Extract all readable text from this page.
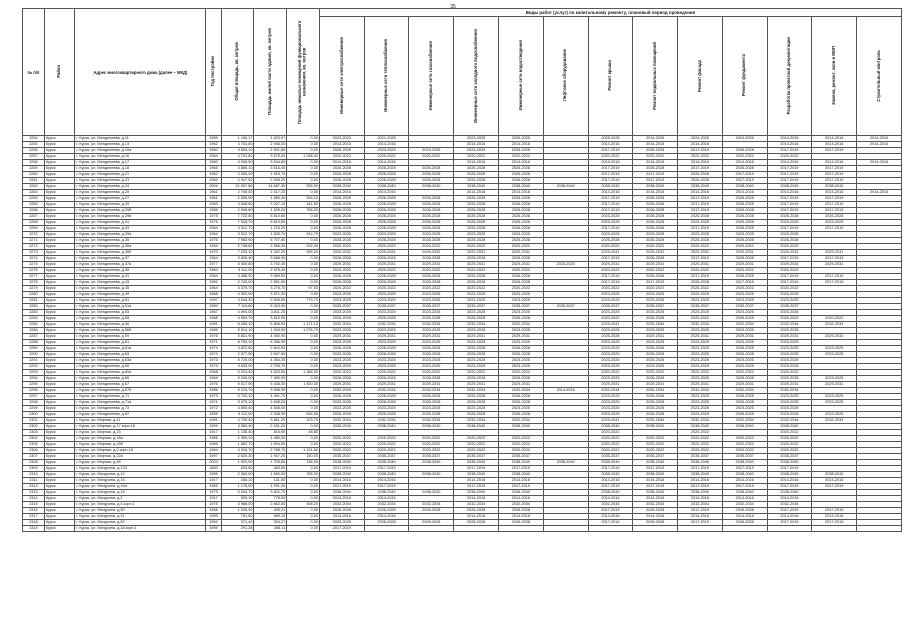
35
№ п/п	Район	Адрес многоквартирного дома (далее – МКД)	Год постройки	Общая площадь, кв. метров	Площадь жилой части здания, кв. метров	Площадь нежилых помещений функционального назначения, кв. метров	Виды работ (услуг) по капитальному ремонту, плановый период проведения												
							Инженерные сети электроснабжения	Инженерные сети теплоснабжения	Инженерные сети газоснабжения	Инженерные сети холодного водоснабжения	Инженерные сети водоотведения	Лифтовое оборудование	Ремонт крыши	Ремонт подвальных помещений	Ремонт фасада	Ремонт фундамента	Разработка проектной документации	Замена, ремонт, окон в МОП	Строительный контроль
2254	Курск	г. Курск, ул. Менделеева, д.11	1959	1 196,17	1 023,97	0,00	2022-2023	2021-2025		2023-2025	2025-2025		2028-2028	2014-2026	2024-2025	2024-2026	2014-2016	2014-2016	2014-2016
2255	Курск	г. Курск, ул. Менделеева, д.13	1962	3 703,80	2 946,00	0,00	2014-2016	2014-2016		2014-2016	2014-2016		2014-2016	2014-2016	2014-2016		2014-2016	2014-2016	2014-2016
2256	Курск	г. Курск, ул. Менделеева, д.15а	1960	3 054,10	2 921,80	0,00	2026-2028	2023-2025	2023-2025	2023-2025	2026-2028		2017-2019	2026-2028	2017-2019	2026-2028	2017-2019	2017-2019	
2257	Курск	г. Курск, ул. Менделеева, д.16	1964	4 741,80	3 575,40	1 038,40	2020-2022	2020-2022	2020-2022	2020-2022	2020-2022		2020-2022	2020-2022	2020-2022	2020-2022	2020-2022		
2258	Курск	г. Курск, ул. Менделеева, д.17	1960	4 930,50	3 544,80	0,00	2014-2016	2014-2016		2014-2016	2014-2016		2014-2016	2014-2016	2014-2016	2014-2016	2014-2016	2014-2016	2014-2016
2259	Курск	г. Курск, ул. Менделеева, д.18	1965	4 865,10	3 516,40	0,00	2026-2028	2026-2028	2026-2028	2026-2028	2026-2028		2017-2019	2026-2028	2017-2019	2026-2028	2017-2019	2017-2019	
2260	Курск	г. Курск, ул. Менделеева, д.21	1962	2 535,20	1 915,70	0,00	2026-2028	2026-2028	2026-2028	2026-2028	2026-2028		2017-2019	2017-2019	2026-2028	2017-2019	2017-2019	2017-2019	
2261	Курск	г. Курск, ул. Менделеева, д.23	1962	2 947,50	2 538,20	0,00	2026-2028	2026-2028	2026-2028	2026-2028	2026-2028		2017-2019	2017-2019	2026-2028	2017-2019	2017-2019	2017-2019	
2262	Курск	г. Курск, ул. Менделеева, д.24	2004	21 557,60	14 687,30	335,90	2038-2040	2038-2040	2038-2040	2038-2040	2038-2040	2038-2040	2038-2040	2038-2040	2038-2040	2038-2040	2038-2040	2038-2040	
2263	Курск	г. Курск, ул. Менделеева, д.25	1961	2 708,40	2 317,20	0,00	2014-2016	2014-2016		2014-2016	2014-2016		2014-2016	2014-2016	2014-2016	2014-2016	2014-2016	2014-2016	2014-2016
2264	Курск	г. Курск, ул. Менделеева, д.27	1961	2 836,90	1 580,40	316,10	2026-2028	2026-2028	2026-2028	2026-2028	2026-2028		2017-2019	2026-2028	2017-2019	2026-2028	2017-2019	2017-2019	
2265	Курск	г. Курск, ул. Менделеева, д.29	1963	3 548,60	3 207,10	341,50	2026-2028	2026-2028	2026-2028	2026-2028	2026-2028		2017-2019	2026-2028	2017-2019	2026-2028	2017-2019	2017-2019	
2266	Курск	г. Курск, ул. Менделеева, д.29б	1985	2 946,80	1 528,20	756,20	2026-2028	2026-2028	2026-2028	2026-2028	2026-2028		2017-2019	2026-2028	2017-2019	2026-2028	2017-2019	2017-2019	
2267	Курск	г. Курск, ул. Менделеева, д.29в	1975	7 722,80	5 810,80	0,00	2026-2028	2026-2028	2026-2028	2026-2028	2026-2028		2023-2025	2026-2028	2026-2028	2026-2028	2026-2028	2026-2028	
2268	Курск	г. Курск, ул. Менделеева, д.31	1975	7 518,70	5 810,80	0,00	2026-2028	2026-2028	2026-2028	2026-2028	2026-2028		2023-2025	2026-2028	2023-2025	2026-2028	2023-2025	2023-2025	
2269	Курск	г. Курск, ул. Менделеева, д.33	1964	3 312,70	1 276,20	0,00	2026-2028	2026-2028	2026-2028	2026-2028	2026-2028		2017-2019	2026-2028	2017-2019	2026-2028	2017-2019	2017-2019	
2270	Курск	г. Курск, ул. Менделеева, д.33а	1964	3 312,70	1 535,70	912,70	2023-2025	2023-2025	2023-2025	2023-2025	2023-2025		2023-2025	2023-2025	2023-2025	2023-2025	2023-2025		
2271	Курск	г. Курск, ул. Менделеева, д.35	1975	7 983,90	5 707,80	0,00	2026-2028	2026-2028	2026-2028	2026-2028	2026-2028		2026-2028	2026-2028	2026-2028	2026-2028	2026-2028		
2272	Курск	г. Курск, ул. Менделеева, д.35а	1964	2 748,60	2 556,30	192,30	2020-2022	2020-2022	2020-2022	2020-2022	2020-2022		2020-2022	2020-2022	2020-2022	2020-2022	2020-2022		
2273	Курск	г. Курск, ул. Менделеева, д.35б	1970	7 033,10	4 342,20	395,20	2029-2031	2029-2031	2029-2031	2029-2031	2029-2031		2029-2031	2029-2031	2029-2031	2029-2031	2029-2031	2029-2031	
2274	Курск	г. Курск, ул. Менделеева, д.37	1964	3 826,40	3 588,90	0,00	2026-2028	2026-2028	2026-2028	2026-2028	2026-2028		2017-2019	2026-2028	2017-2019	2026-2028	2017-2019	2017-2019	
2275	Курск	г. Курск, ул. Менделеева, д.37а	1977	5 400,80	3 792,40	0,00	2029-2031	2029-2031	2029-2031	2029-2031	2029-2031	2023-2025	2029-2031	2029-2031	2029-2031	2029-2031	2029-2031	2029-2031	
2276	Курск	г. Курск, ул. Менделеева, д.39	1964	3 112,20	2 578,40	0,00	2020-2022	2020-2022	2020-2022	2020-2022	2020-2022		2020-2022	2020-2022	2020-2022	2020-2022	2020-2022		
2277	Курск	г. Курск, ул. Менделеева, д.41	1964	3 488,90	3 569,50	0,00	2026-2028	2026-2028	2026-2028	2026-2028	2026-2028		2017-2019	2026-2028	2017-2019	2026-2028	2017-2019	2017-2019	
2278	Курск	г. Курск, ул. Менделеева, д.43	1962	2 743,00	2 551,50	0,00	2026-2028	2026-2028	2026-2028	2026-2028	2026-2028		2017-2019	2017-2019	2026-2028	2017-2019	2017-2019	2017-2019	
2279	Курск	г. Курск, ул. Менделеева, д.45	1964	3 375,70	3 278,70	97,00	2020-2022	2020-2022	2020-2022	2020-2022	2020-2022		2020-2022	2020-2022	2020-2022	2020-2022	2020-2022		
2280	Курск	г. Курск, ул. Менделеева, д.49	1968	4 502,90	3 571,30	0,00	2023-2025	2023-2025	2023-2025	2023-2025	2023-2025		2023-2025	2023-2025	2023-2025	2023-2025	2023-2025		
2281	Курск	г. Курск, ул. Менделеева, д.51	1997	3 943,30	2 605,80	775,70	2023-2025	2023-2025	2023-2025	2023-2025	2023-2025		2023-2025	2023-2025	2023-2025	2023-2025	2023-2025		
2282	Курск	г. Курск, ул. Менделеева, д.51а	1960	7 119,60	5 323,90	0,00	2035-2037	2035-2037	2035-2037	2035-2037	2035-2037	2035-2037	2035-2037	2035-2037	2035-2037	2035-2037	2035-2037		
2283	Курск	г. Курск, ул. Менделеева, д.53	1967	4 894,00	3 811,20	0,00	2023-2025	2023-2025	2023-2025	2023-2025	2023-2025		2023-2025	2023-2025	2023-2025	2023-2025	2023-2025		
2284	Курск	г. Курск, ул. Менделеева, д.55	1968	4 954,70	3 815,90	0,00	2026-2028	2026-2028	2026-2028	2026-2028	2026-2028		2020-2022	2026-2028	2020-2022	2026-2028	2020-2022	2020-2022	
2285	Курск	г. Курск, ул. Менделеева, д.56	1981	8 065,10	6 806,90	1 171,10	2032-2034	2032-2034	2032-2034	2032-2034	2032-2034		2029-2031	2032-2034	2032-2034	2032-2034	2032-2034	2032-2034	
2286	Курск	г. Курск, ул. Менделеева, д.56б	1985	5 014,10	1 943,90	1 276,70	2023-2025	2023-2025	2023-2025	2023-2025	2023-2025		2023-2025	2023-2025	2023-2025	2023-2025	2023-2025		
2287	Курск	г. Курск, ул. Менделеева, д.59	1976	5 831,90	4 492,90	0,00	2029-2031	2029-2031	2029-2031	2029-2031	2029-2031		2026-2028	2029-2031	2029-2031	2029-2031	2029-2031	2029-2031	
2288	Курск	г. Курск, ул. Менделеева, д.61	1971	8 754,10	6 336,90	0,00	2023-2025	2023-2025	2023-2025	2023-2025	2023-2025		2023-2025	2023-2025	2023-2025	2023-2025	2023-2025		
2289	Курск	г. Курск, ул. Менделеева, д.61а	1974	3 622,60	2 602,90	0,00	2026-2028	2026-2028	2026-2028	2026-2028	2026-2028		2023-2025	2026-2028	2023-2025	2026-2028	2023-2025	2023-2025	
2290	Курск	г. Курск, ул. Менделеева, д.63	1973	2 577,50	2 647,50	0,00	2026-2028	2026-2028	2026-2028	2026-2028	2026-2028		2023-2025	2026-2028	2023-2025	2026-2028	2023-2025	2023-2025	
2291	Курск	г. Курск, ул. Менделеева, д.63а	1973	5 725,00	4 354,30	0,00	2023-2025	2023-2025	2023-2025	2023-2025	2023-2025		2023-2025	2023-2025	2023-2025	2023-2025	2023-2025		
2292	Курск	г. Курск, ул. Менделеева, д.65	1973	3 630,90	2 795,70	0,00	2023-2025	2023-2025	2023-2025	2023-2025	2023-2025		2023-2025	2023-2025	2023-2025	2023-2025	2023-2025		
2293	Курск	г. Курск, ул. Менделеева, д.65а	1968	5 024,40	4 623,60	1 366,30	2020-2022	2020-2022	2020-2022	2020-2022	2020-2022		2020-2022	2020-2022	2020-2022	2020-2022	2020-2022		
2294	Курск	г. Курск, ул. Менделеева, д.66	1969	9 240,00	7 480,90	0,00	2026-2028	2026-2028	2026-2028	2026-2028	2026-2028		2023-2025	2026-2028	2023-2025	2026-2028	2023-2025	2023-2025	
2295	Курск	г. Курск, ул. Менделеева, д.67	1976	9 017,90	5 435,00	1 450,00	2029-2031	2029-2031	2029-2031	2029-2031	2029-2031		2029-2031	2029-2031	2029-2031	2029-2031	2029-2031	2029-2031	
2296	Курск	г. Курск, ул. Менделеева, д.67б	1986	5 123,70	3 538,90	0,00	2032-2034	2032-2034	2032-2034	2032-2034	2032-2034	2014-2016	2032-2034	2032-2034	2032-2034	2032-2034	2032-2034		
2297	Курск	г. Курск, ул. Менделеева, д.71	1973	5 742,10	4 491,70	0,00	2026-2028	2026-2028	2026-2028	2026-2028	2026-2028		2023-2025	2026-2028	2023-2025	2026-2028	2023-2025	2023-2025	
2298	Курск	г. Курск, ул. Менделеева, д.71а	1971	3 470,10	2 648,20	0,00	2026-2028	2026-2028	2026-2028	2026-2028	2026-2028		2023-2025	2026-2028	2023-2025	2026-2028	2023-2025	2023-2025	
2299	Курск	г. Курск, ул. Менделеева, д.73	1972	4 893,40	4 546,00	0,00	2023-2025	2023-2025	2023-2025	2023-2025	2023-2025		2023-2025	2023-2025	2023-2025	2023-2025	2023-2025		
2300	Курск	г. Курск, ул. Менделеева, д.87	1959	3 112,00	2 338,90	634,50	2026-2028	2026-2028	2026-2028	2026-2028	2026-2028		2023-2025	2026-2028	2023-2025	2026-2028	2023-2025	2023-2025	
2301	Курск	г. Курск, ул. Мирная, д.11	1981	4 795,40	3 561,20	103,70	2032-2034	2032-2034	2032-2034	2032-2034	2032-2034		2029-2031	2032-2034	2032-2034	2032-2034	2032-2034	2032-2034	
2302	Курск	г. Курск, ул. Мирная, д.17 корп.16	1999	3 083,40	2 151,20	0,00	2038-2040	2038-2040	2038-2040	2038-2040	2038-2040		2038-2040	2038-2040	2038-2040	2038-2040	2038-2040		
2303	Курск	г. Курск, ул. Мирная, д.23	1917	1 136,40	816,90	48,80							2020-2022		2020-2022		2020-2022		
2304	Курск	г. Курск, ул. Мирная, д.18а	1966	2 350,10	1 480,00	0,00	2020-2022	2020-2022	2020-2022	2020-2022	2020-2022		2020-2022	2020-2022	2020-2022	2020-2022	2020-2022		
2305	Курск	г. Курск, ул. Мирная, д.18б	1966	1 682,70	1 594,80	0,00	2020-2022	2020-2022	2020-2022	2020-2022	2020-2022		2020-2022	2020-2022	2020-2022	2020-2022	2020-2022		
2306	Курск	г. Курск, ул. Мирная, д.2 корп.18	1964	4 015,70	2 788,70	1 131,60	2020-2022	2020-2022	2020-2022	2020-2022	2020-2022		2020-2022	2020-2022	2020-2022	2020-2022	2020-2022		
2307	Курск	г. Курск, ул. Мирная, д.22а	1997	2 620,30	1 947,20	150,00	2035-2037	2035-2037	2035-2037	2035-2037	2035-2037		2035-2037	2035-2037	2035-2037	2035-2037	2035-2037		
2308	Курск	г. Курск, ул. Мирная, д.4б	2004	1 920,00	1 709,80	136,90	2038-2040	2038-2040	2038-2040	2038-2040	2038-2040	2038-2040	2038-2040	2038-2040	2038-2040	2038-2040	2038-2040		
2309	Курск	г. Курск, ул. Мичурина, д.133	1850	633,60	363,80	0,00	2017-2019	2017-2019		2017-2019	2017-2019		2017-2019	2017-2019	2017-2019	2017-2019	2017-2019		
2310	Курск	г. Курск, ул. Мичурина, д.12	1995	2 363,00	1 690,50	795,00	2038-2040	2038-2040	2038-2040	2038-2040	2038-2040		2038-2040	2038-2040	2038-2040	2038-2040	2038-2040	2038-2040	
2311	Курск	г. Курск, ул. Мичурина, д.15	1917	166,10	131,60	0,00	2014-2016	2014-2016		2014-2016	2014-2016		2014-2016	2014-2016	2014-2016	2014-2016	2014-2016	2014-2016	
2312	Курск	г. Курск, ул. Мичурина, д.16а	1965	1 178,00	1 091,20	0,00	2017-2019	2017-2019		2017-2019	2017-2019		2017-2019	2017-2019	2017-2019	2017-2019	2017-2019	2017-2019	
2313	Курск	г. Курск, ул. Мичурина, д.18	1975	5 004,70	3 802,70	0,00	2038-2040	2038-2040	2038-2040	2038-2040	2038-2040		2038-2040	2038-2040	2038-2040	2038-2040	2038-2040		
2314	Курск	г. Курск, ул. Мичурина, д.2	1917	925,10	778,50	0,00	2014-2016	2014-2016		2014-2016	2014-2016		2014-2016	2014-2016	2014-2016	2014-2016	2014-2016		
2315	Курск	г. Курск, ул. Мичурина, д.4 корп.1	1975	3 988,00	2 662,60	306,20	2032-2034	2032-2034	2032-2034	2032-2034	2032-2034		2032-2034	2032-2034	2032-2034	2032-2034	2032-2034		
2316	Курск	г. Курск, ул. Мичурина, д.30	1958	1 025,30	495,21	0,00	2026-2028	2026-2028	2026-2028	2026-2028	2026-2028		2017-2019	2026-2028	2017-2019	2026-2028	2017-2019	2017-2019	
2317	Курск	г. Курск, ул. Мичурина, д.31	1955	701,60	585,10	0,00	2014-2016	2014-2016		2014-2016	2014-2016		2014-2016	2014-2016	2014-2016	2014-2016	2014-2016	2014-2016	
2318	Курск	г. Курск, ул. Мичурина, д.52	1962	371,40	334,27	0,00	2026-2028	2026-2028	2026-2028	2026-2028	2026-2028		2017-2019	2026-2028	2017-2019	2026-2028	2017-2019	2017-2019	
2319	Курск	г. Курск, ул. Мичурина, д.18 корп.1	1959	291,28	268,11	0,00	2017-2019												
